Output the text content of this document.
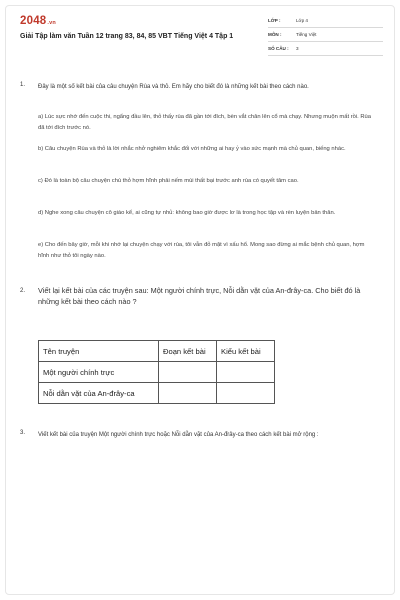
2048.vn
Giải Tập làm văn Tuần 12 trang 83, 84, 85 VBT Tiếng Việt 4 Tập 1
LỚP :	Lớp 4
MÔN :	Tiếng Việt
SỐ CÂU :	3
1. Đây là một số kết bài của câu chuyện Rùa và thỏ. Em hãy cho biết đó là những kết bài theo cách nào.
a) Lúc sực nhớ đến cuộc thi, ngẩng đầu lên, thỏ thấy rùa đã gần tới đích, bèn vắt chân lên cổ mà chạy. Nhưng muộn mất rồi. Rùa đã tới đích trước nó.
b) Câu chuyện Rùa và thỏ là lời nhắc nhở nghiêm khắc đối với những ai hay ỷ vào sức mạnh mà chủ quan, biếng nhác.
c) Đó là toàn bộ câu chuyện chú thỏ hợm hĩnh phải nếm mùi thất bại trước anh rùa có quyết tâm cao.
d) Nghe xong câu chuyện cô giáo kể, ai cũng tự nhủ: không bao giờ được lơ là trong học tập và rèn luyện bản thân.
e) Cho đến bây giờ, mỗi khi nhớ lại chuyện chạy với rùa, tôi vẫn đỏ mặt vì xấu hổ. Mong sao đừng ai mắc bệnh chủ quan, hợm hĩnh như thỏ tôi ngày nào.
2. Viết lại kết bài của các truyện sau: Một người chính trực, Nỗi dằn vặt của An-đrây-ca. Cho biết đó là những kết bài theo cách nào ?
Tên truyện	Đoạn kết bài	Kiểu kết bài
Một người chính trực		
Nỗi dằn vặt của An-đrây-ca		
3. Viết kết bài của truyện Một người chính trực hoặc Nỗi dằn vặt của An-đrây-ca theo cách kết bài mở rộng :
